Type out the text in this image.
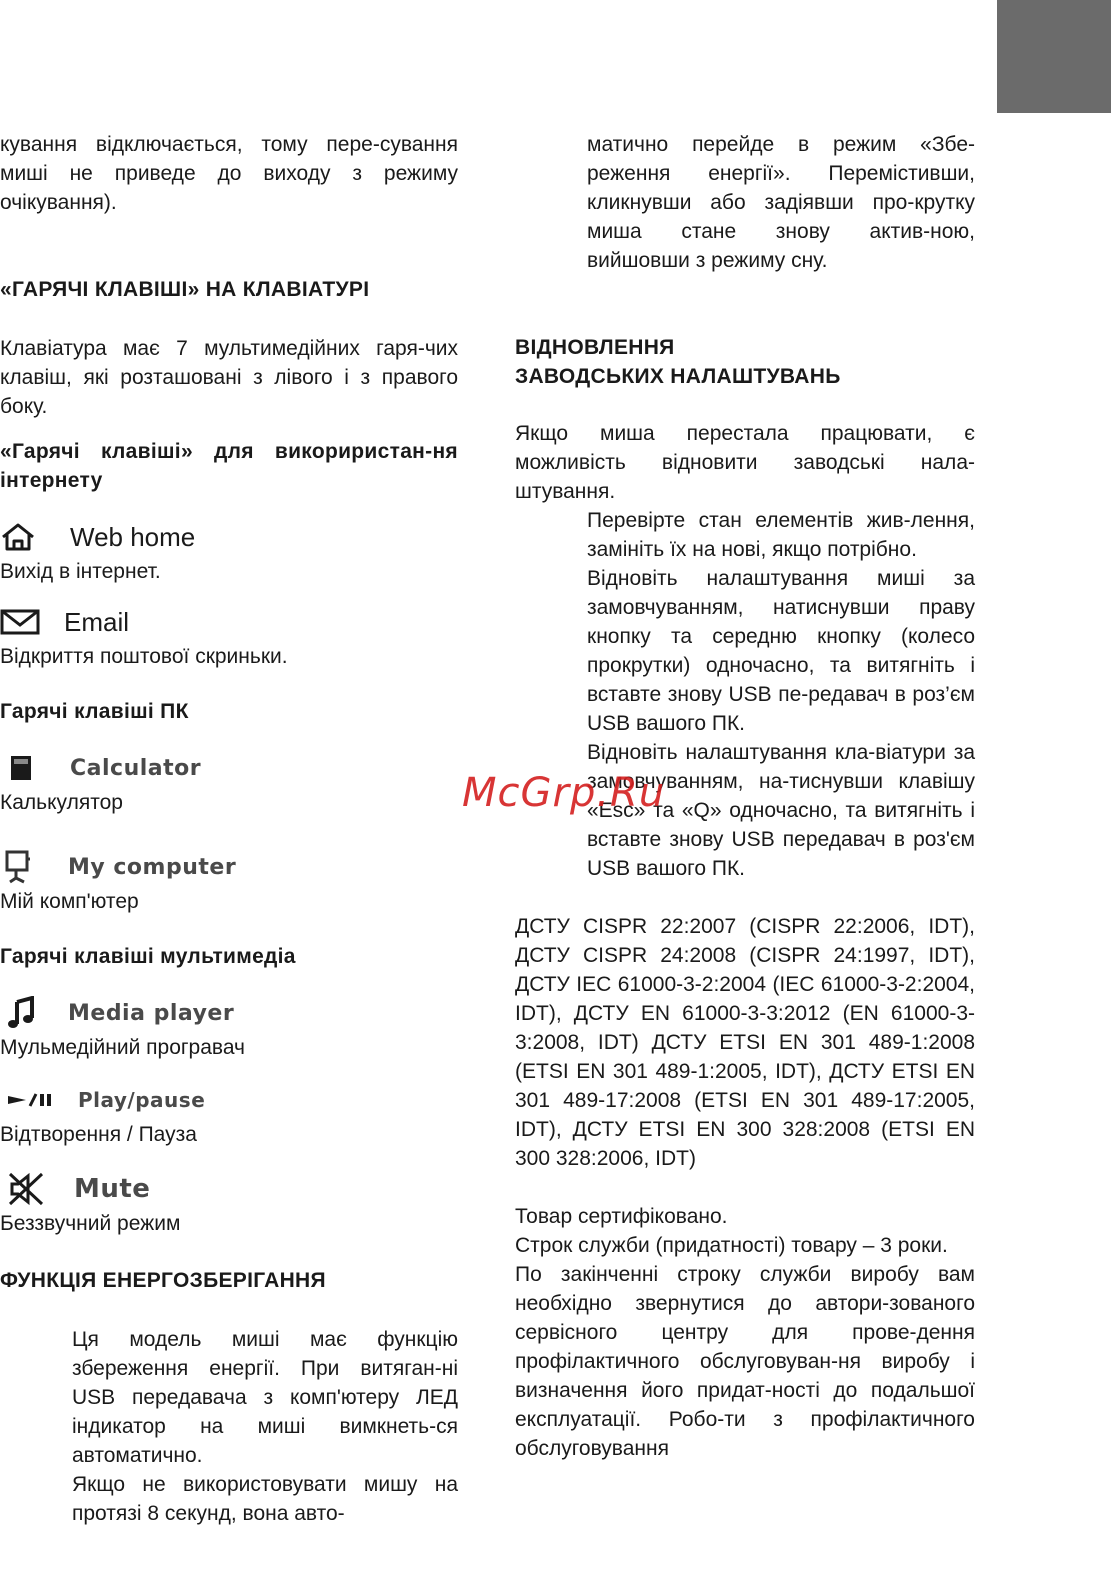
кування відключається, тому пере-сування миші не приведе до виходу з режиму очікування).

«ГАРЯЧІ КЛАВІШІ» НА КЛАВІАТУРІ

Клавіатура має 7 мультимедійних гаря-чих клавіш, які розташовані з лівого і з правого боку.

«Гарячі клавіші» для викориристан-ня інтернету
Web home

Вихід в інтернет.

Email

Відкриття поштової скриньки.

Гарячі клавіші ПК
Calculator

Калькулятор

My computer

Мій комп'ютер

Гарячі клавіші мультимедіа
Media player

Мульмедійний програвач

Play/pause

Відтворення / Пауза

Mute

Беззвучний режим

ФУНКЦІЯ ЕНЕРГОЗБЕРІГАННЯ

Ця модель миші має функцію збереження енергії. При витяган-ні USB передавача з комп'ютеру ЛЕД індикатор на миші вимкнеть-ся автоматично.

Якщо не використовувати мишу на протязі 8 секунд, вона авто-

матично перейде в режим «Збе-реження енергії». Перемістивши, кликнувши або задіявши про-крутку миша стане знову актив-ною, вийшовши з режиму сну.

ВІДНОВЛЕННЯ
ЗАВОДСЬКИХ НАЛАШТУВАНЬ

Якщо миша перестала працювати, є можливість відновити заводські нала-штування.

Перевірте стан елементів жив-лення, замініть їх на нові, якщо потрібно.

Відновіть налаштування миші за замовчуванням, натиснувши праву кнопку та середню кнопку (колесо прокрутки) одночасно, та витягніть і вставте знову USB пе-редавач в роз’єм USB вашого ПК.

Відновіть налаштування кла-віатури за замовчуванням, на-тиснувши клавішу «Esc» та «Q» одночасно, та витягніть і вставте знову USB передавач в роз'єм USB вашого ПК.

ДСТУ CISPR 22:2007 (CISPR 22:2006, IDT), ДСТУ CISPR 24:2008 (CISPR 24:1997, IDT), ДСТУ IEC 61000-3-2:2004 (IEC 61000-3-2:2004, IDT), ДСТУ EN 61000-3-3:2012 (EN 61000-3-3:2008, IDT) ДСТУ ETSI EN 301 489-1:2008 (ETSI EN 301 489-1:2005, IDT), ДСТУ ETSI EN 301 489-17:2008 (ETSI EN 301 489-17:2005, IDT), ДСТУ ETSI EN 300 328:2008 (ETSI EN 300 328:2006, IDT)

Товар сертифіковано.

Строк служби (придатності) товару – 3 роки.

По закінченні строку служби виробу вам необхідно звернутися до автори-зованого сервісного центру для прове-дення профілактичного обслуговуван-ня виробу і визначення його придат-ності до подальшої експлуатації. Робо-ти з профілактичного обслуговування

McGrp.Ru
